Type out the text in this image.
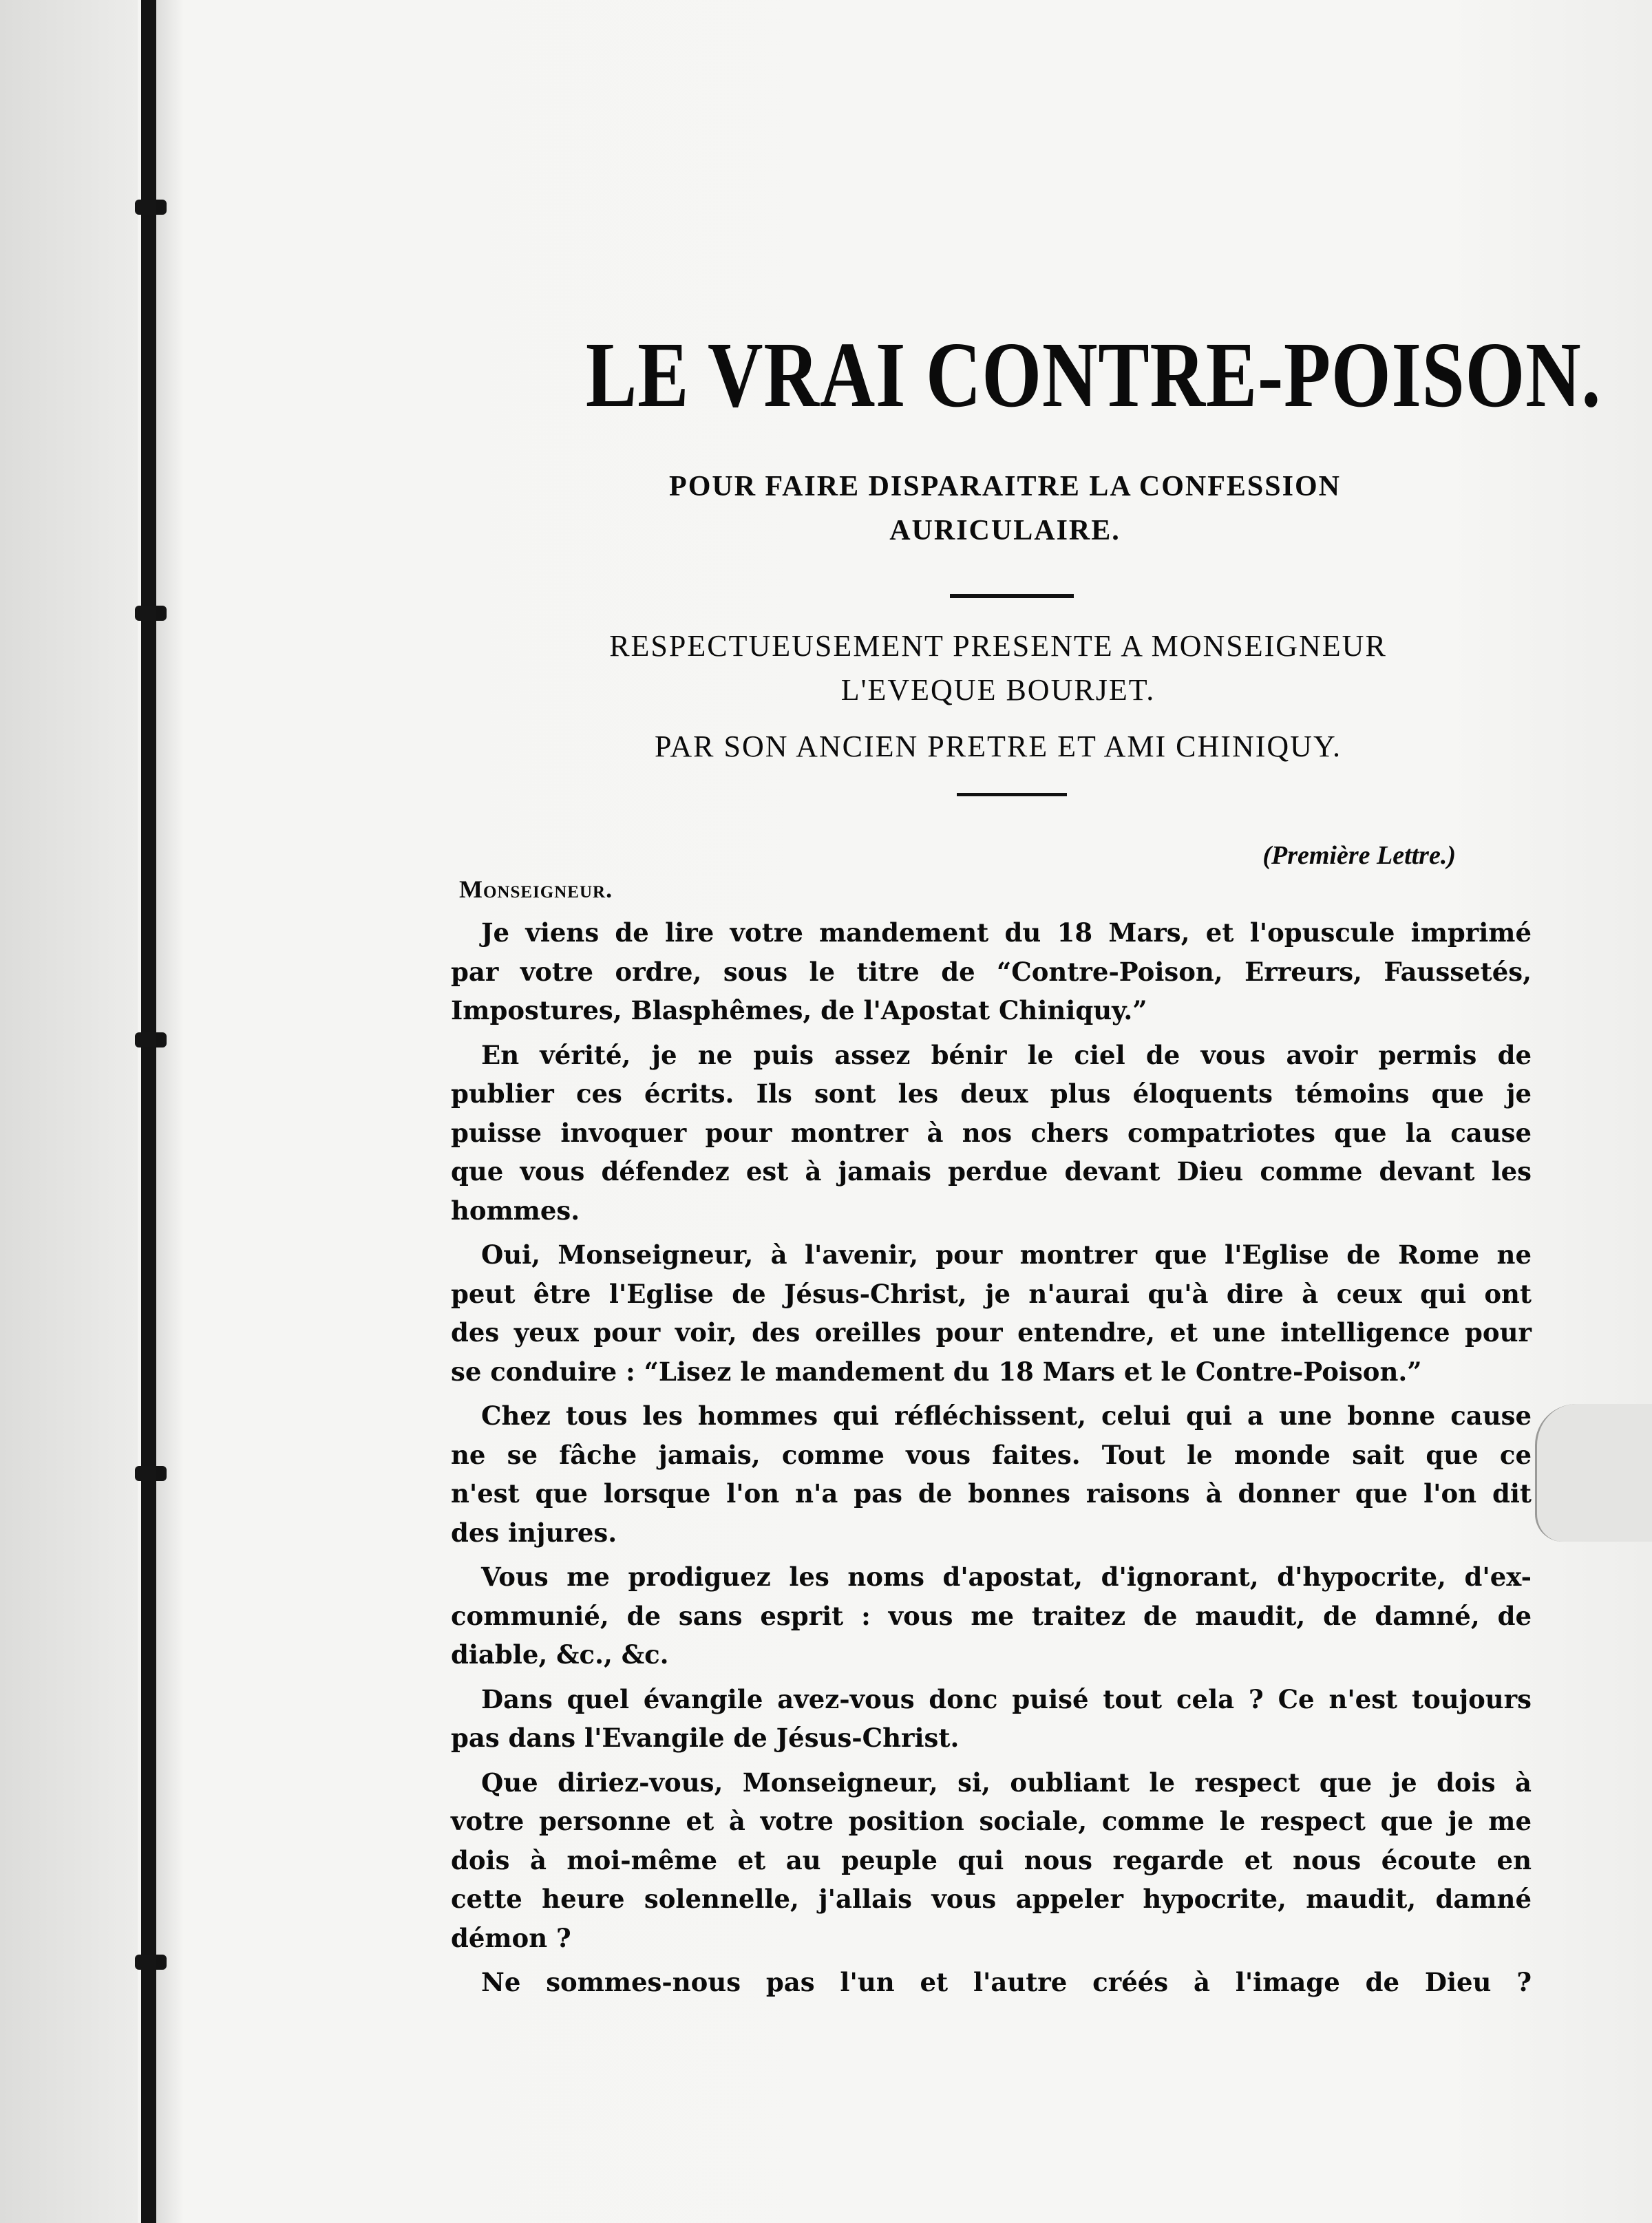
LE VRAI CONTRE-POISON.
POUR FAIRE DISPARAITRE LA CONFESSION
AURICULAIRE.
RESPECTUEUSEMENT PRESENTE A MONSEIGNEUR
L'EVEQUE BOURJET.
PAR SON ANCIEN PRETRE ET AMI CHINIQUY.
(Première Lettre.)
Monseigneur.
Je viens de lire votre mandement du 18 Mars, et l'opuscule imprimé
par votre ordre, sous le titre de “Contre-Poison, Erreurs, Faussetés,
Impostures, Blasphêmes, de l'Apostat Chiniquy.”
En vérité, je ne puis assez bénir le ciel de vous avoir permis de
publier ces écrits. Ils sont les deux plus éloquents témoins que je
puisse invoquer pour montrer à nos chers compatriotes que la cause
que vous défendez est à jamais perdue devant Dieu comme devant les
hommes.
Oui, Monseigneur, à l'avenir, pour montrer que l'Eglise de Rome ne
peut être l'Eglise de Jésus-Christ, je n'aurai qu'à dire à ceux qui ont
des yeux pour voir, des oreilles pour entendre, et une intelligence pour
se conduire : “Lisez le mandement du 18 Mars et le Contre-Poison.”
Chez tous les hommes qui réfléchissent, celui qui a une bonne cause
ne se fâche jamais, comme vous faites. Tout le monde sait que ce
n'est que lorsque l'on n'a pas de bonnes raisons à donner que l'on dit
des injures.
Vous me prodiguez les noms d'apostat, d'ignorant, d'hypocrite, d'ex-
communié, de sans esprit : vous me traitez de maudit, de damné, de
diable, &c., &c.
Dans quel évangile avez-vous donc puisé tout cela ? Ce n'est toujours
pas dans l'Evangile de Jésus-Christ.
Que diriez-vous, Monseigneur, si, oubliant le respect que je dois à
votre personne et à votre position sociale, comme le respect que je me
dois à moi-même et au peuple qui nous regarde et nous écoute en
cette heure solennelle, j'allais vous appeler hypocrite, maudit, damné
démon ?
Ne sommes-nous pas l'un et l'autre créés à l'image de Dieu ?
